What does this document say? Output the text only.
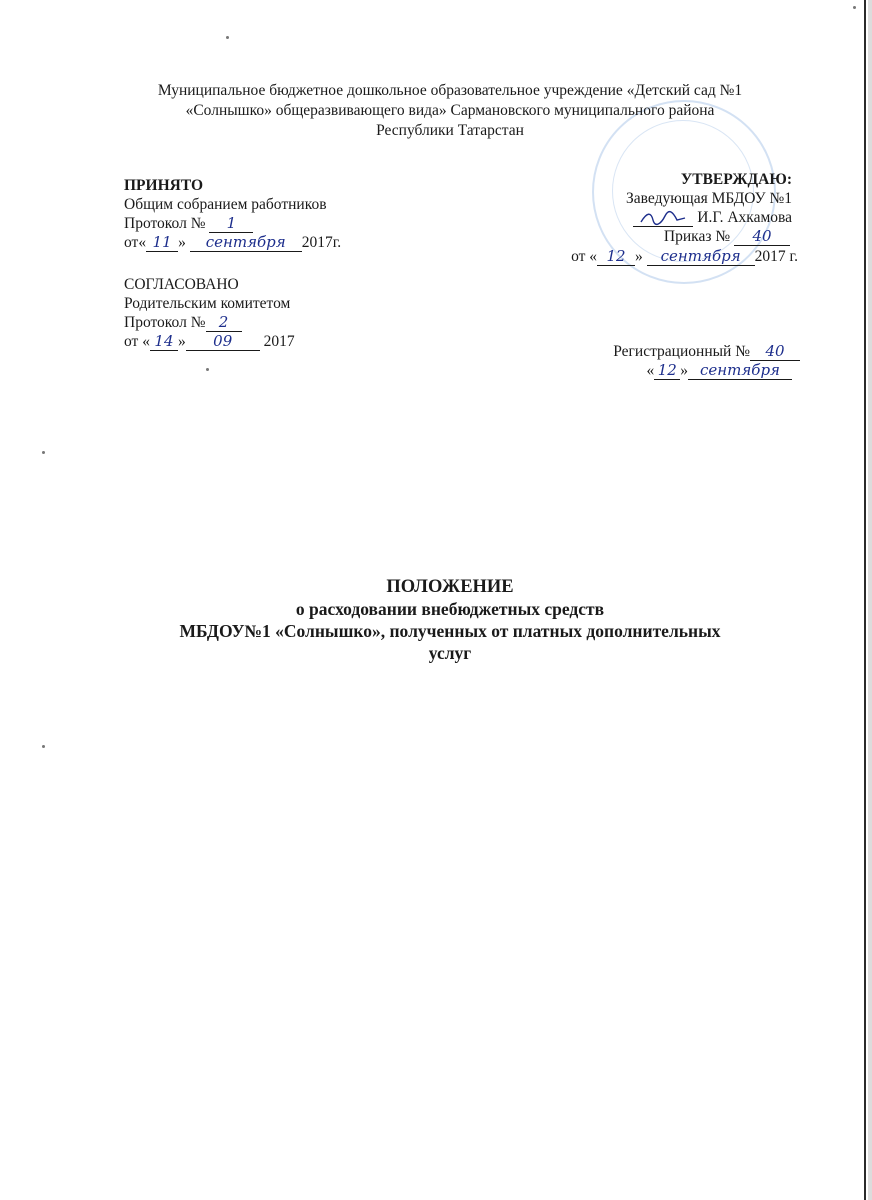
Муниципальное бюджетное дошкольное образовательное учреждение «Детский сад №1
«Солнышко» общеразвивающего вида» Сармановского муниципального района
Республики Татарстан
ПРИНЯТО
Общим собранием работников
Протокол № 1
от« 11 » сентября 2017г.
УТВЕРЖДАЮ:
Заведующая МБДОУ №1
И.Г. Ахкамова
Приказ № 40
от « 12 » сентября 2017 г.
СОГЛАСОВАНО
Родительским комитетом
Протокол № 2
от « 14 » 09 2017
Регистрационный № 40
« 12 » сентября
ПОЛОЖЕНИЕ
о расходовании внебюджетных средств
МБДОУ№1 «Солнышко», полученных от платных дополнительных
услуг
